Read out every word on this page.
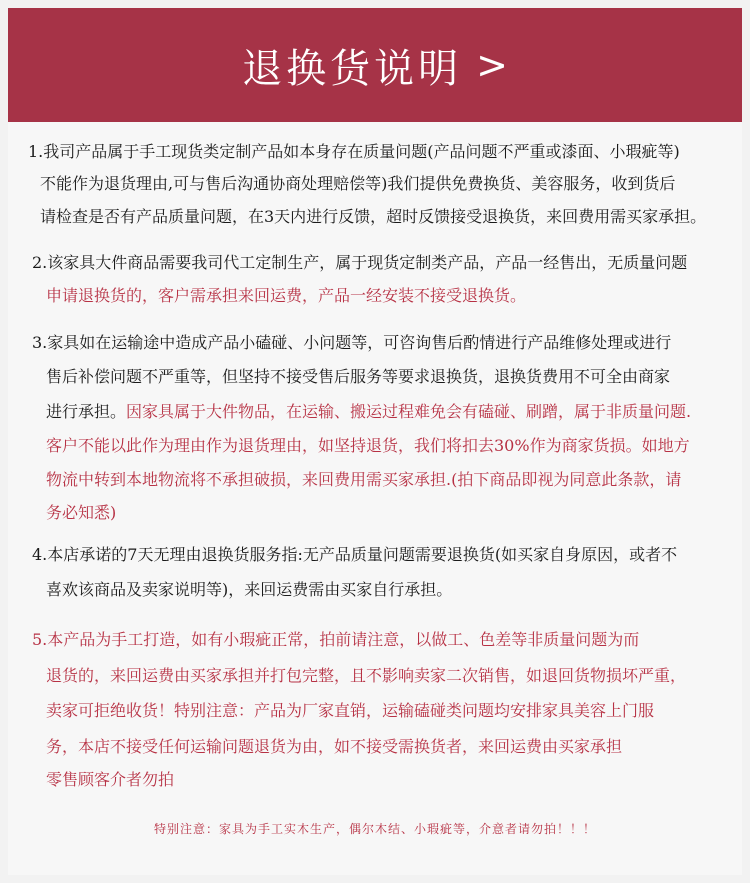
退换货说明 >
1.我司产品属于手工现货类定制产品如本身存在质量问题(产品问题不严重或漆面、小瑕疵等)
不能作为退货理由,可与售后沟通协商处理赔偿等)我们提供免费换货、美容服务，收到货后
请检查是否有产品质量问题，在3天内进行反馈，超时反馈接受退换货，来回费用需买家承担。
2.该家具大件商品需要我司代工定制生产，属于现货定制类产品，产品一经售出，无质量问题
申请退换货的，客户需承担来回运费，产品一经安装不接受退换货。
3.家具如在运输途中造成产品小磕碰、小问题等，可咨询售后酌情进行产品维修处理或进行
售后补偿问题不严重等，但坚持不接受售后服务等要求退换货，退换货费用不可全由商家
进行承担。因家具属于大件物品，在运输、搬运过程难免会有磕碰、刷蹭，属于非质量问题.
客户不能以此作为理由作为退货理由，如坚持退货，我们将扣去30%作为商家货损。如地方
物流中转到本地物流将不承担破损，来回费用需买家承担.(拍下商品即视为同意此条款，请
务必知悉)
4.本店承诺的7天无理由退换货服务指:无产品质量问题需要退换货(如买家自身原因，或者不
喜欢该商品及卖家说明等)，来回运费需由买家自行承担。
5.本产品为手工打造，如有小瑕疵正常，拍前请注意，以做工、色差等非质量问题为而
退货的，来回运费由买家承担并打包完整，且不影响卖家二次销售，如退回货物损坏严重，
卖家可拒绝收货！特别注意：产品为厂家直销，运输磕碰类问题均安排家具美容上门服
务，本店不接受任何运输问题退货为由，如不接受需换货者，来回运费由买家承担
零售顾客介者勿拍
特别注意：家具为手工实木生产，偶尔木结、小瑕疵等，介意者请勿拍！！！
